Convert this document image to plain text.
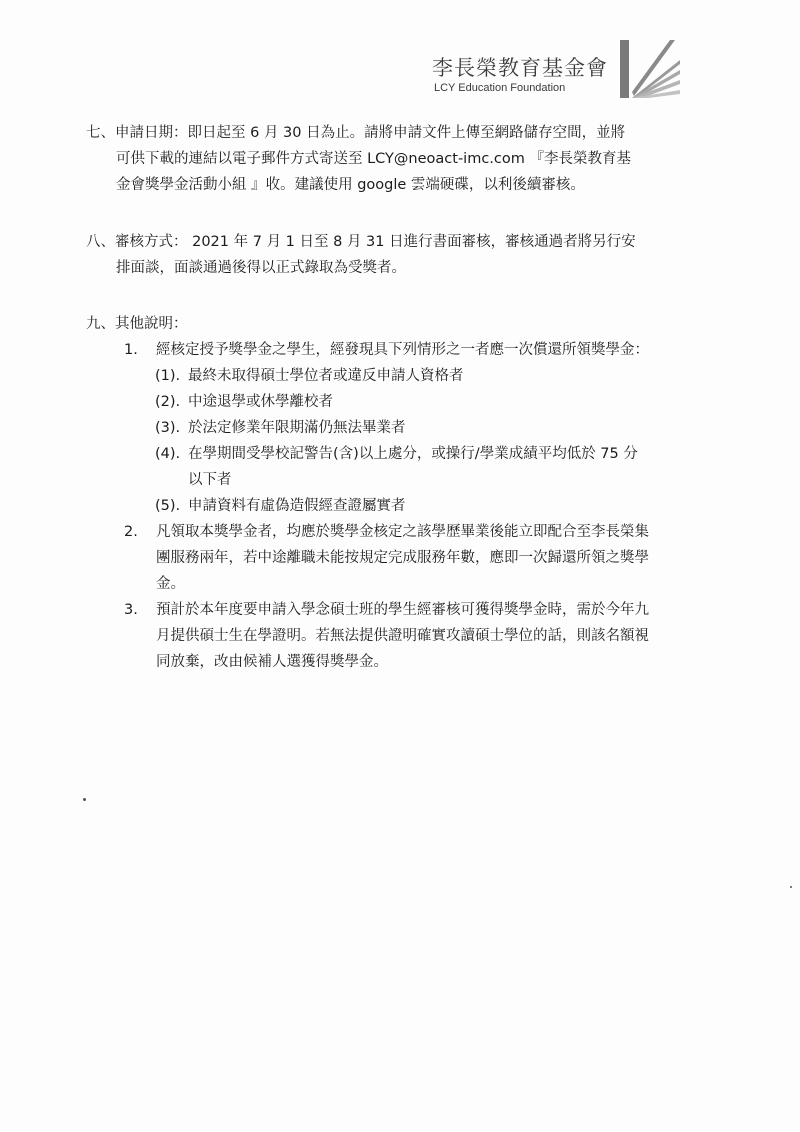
李長榮教育基金會
LCY Education Foundation
七、申請日期：即日起至 6 月 30 日為止。請將申請文件上傳至網路儲存空間，並將
可供下載的連結以電子郵件方式寄送至 LCY@neoact-imc.com 『李長榮教育基
金會獎學金活動小組 』收。建議使用 google 雲端硬碟，以利後續審核。
八、審核方式： 2021 年 7 月 1 日至 8 月 31 日進行書面審核，審核通過者將另行安
排面談，面談通過後得以正式錄取為受獎者。
九、其他說明：
1.	經核定授予獎學金之學生，經發現具下列情形之一者應一次償還所領獎學金：
(1). 最終未取得碩士學位者或違反申請人資格者
(2). 中途退學或休學離校者
(3). 於法定修業年限期滿仍無法畢業者
(4). 在學期間受學校記警告(含)以上處分，或操行/學業成績平均低於 75 分
以下者
(5). 申請資料有虛偽造假經查證屬實者
2.	凡領取本獎學金者，均應於獎學金核定之該學歷畢業後能立即配合至李長榮集
團服務兩年，若中途離職未能按規定完成服務年數，應即一次歸還所領之獎學
金。
3.	預計於本年度要申請入學念碩士班的學生經審核可獲得獎學金時，需於今年九
月提供碩士生在學證明。若無法提供證明確實攻讀碩士學位的話，則該名額視
同放棄，改由候補人選獲得獎學金。
